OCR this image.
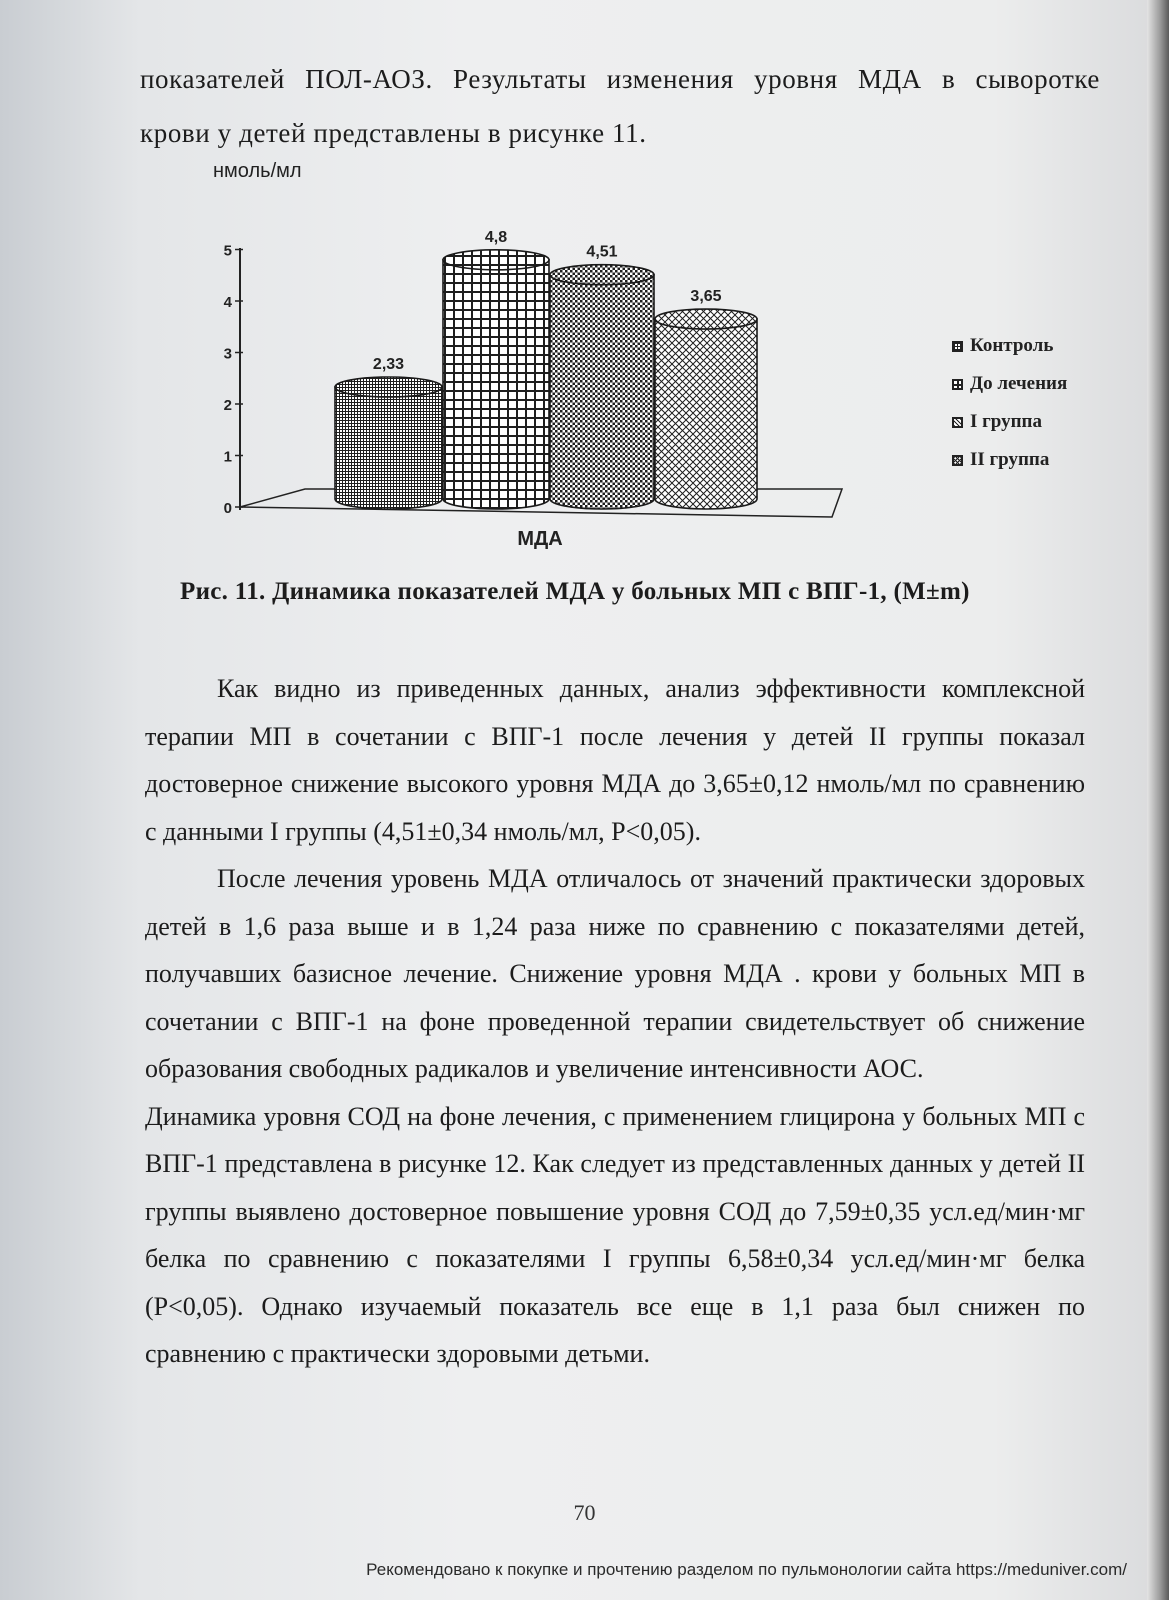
показателей ПОЛ-АОЗ. Результаты изменения уровня МДА в сыворотке
крови у детей представлены в рисунке 11.

нмоль/мл
0
1
2
3
4
5
2,33
4,8
4,51
3,65
МДА
Контроль
До лечения
I группа
II группа
Рис. 11. Динамика показателей МДА у больных МП с ВПГ-1, (M±m)

Как видно из приведенных данных, анализ эффективности комплексной терапии МП в сочетании с ВПГ-1 после лечения у детей II группы показал достоверное снижение высокого уровня МДА до 3,65±0,12 нмоль/мл по сравнению с данными I группы (4,51±0,34 нмоль/мл, P<0,05).

После лечения уровень МДА отличалось от значений практически здоровых детей в 1,6 раза выше и в 1,24 раза ниже по сравнению с показателями детей, получавших базисное лечение. Снижение уровня МДА . крови у больных МП в сочетании с ВПГ-1 на фоне проведенной терапии свидетельствует об снижение образования свободных радикалов и увеличение интенсивности АОС.

Динамика уровня СОД на фоне лечения, с применением глицирона у больных МП с ВПГ-1 представлена в рисунке 12. Как следует из представленных данных у детей II группы выявлено достоверное повышение уровня СОД до 7,59±0,35 усл.ед/мин·мг белка по сравнению с показателями I группы 6,58±0,34 усл.ед/мин·мг белка (P<0,05). Однако изучаемый показатель все еще в 1,1 раза был снижен по сравнению с практически здоровыми детьми.

70
Рекомендовано к покупке и прочтению разделом по пульмонологии сайта https://meduniver.com/
